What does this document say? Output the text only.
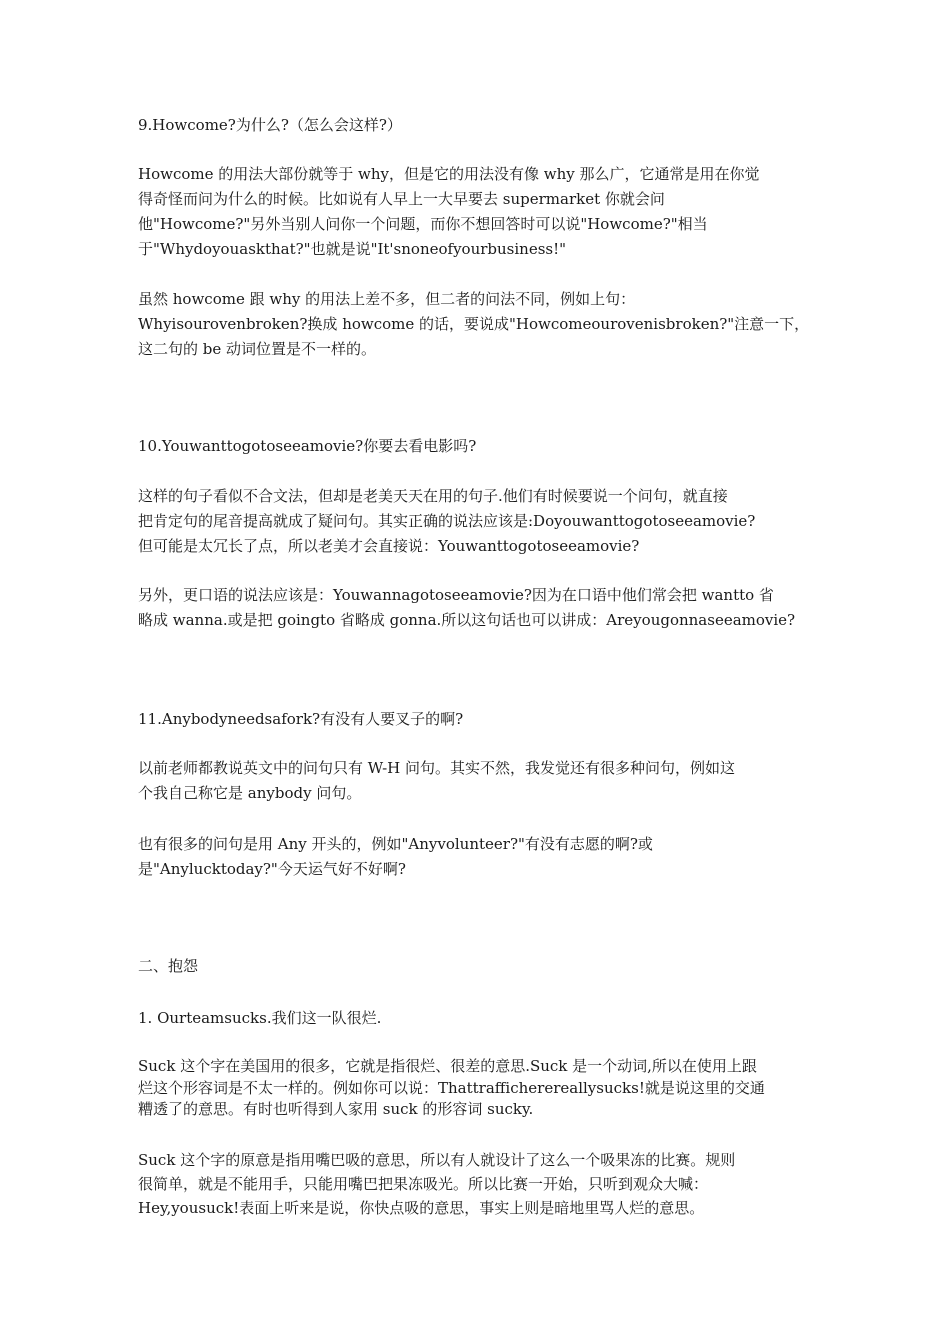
9.Howcome?为什么?（怎么会这样?）
Howcome 的用法大部份就等于 why，但是它的用法没有像 why 那么广，它通常是用在你觉
得奇怪而问为什么的时候。比如说有人早上一大早要去 supermarket 你就会问
他"Howcome?"另外当别人问你一个问题，而你不想回答时可以说"Howcome?"相当
于"Whydoyouaskthat?"也就是说"It'snoneofyourbusiness!"
虽然 howcome 跟 why 的用法上差不多，但二者的问法不同，例如上句：
Whyisourovenbroken?换成 howcome 的话，要说成"Howcomeourovenisbroken?"注意一下，
这二句的 be 动词位置是不一样的。
10.Youwanttogotoseeamovie?你要去看电影吗?
这样的句子看似不合文法，但却是老美天天在用的句子.他们有时候要说一个问句，就直接
把肯定句的尾音提高就成了疑问句。其实正确的说法应该是:Doyouwanttogotoseeamovie?
但可能是太冗长了点，所以老美才会直接说：Youwanttogotoseeamovie?
另外，更口语的说法应该是：Youwannagotoseeamovie?因为在口语中他们常会把 wantto 省
略成 wanna.或是把 goingto 省略成 gonna.所以这句话也可以讲成：Areyougonnaseeamovie?
11.Anybodyneedsafork?有没有人要叉子的啊?
以前老师都教说英文中的问句只有 W-H 问句。其实不然，我发觉还有很多种问句，例如这
个我自己称它是 anybody 问句。
也有很多的问句是用 Any 开头的，例如"Anyvolunteer?"有没有志愿的啊?或
是"Anylucktoday?"今天运气好不好啊?
二、抱怨
1. Ourteamsucks.我们这一队很烂.
Suck 这个字在美国用的很多，它就是指很烂、很差的意思.Suck 是一个动词,所以在使用上跟
烂这个形容词是不太一样的。例如你可以说：Thattrafficherereallysucks!就是说这里的交通
糟透了的意思。有时也听得到人家用 suck 的形容词 sucky.
Suck 这个字的原意是指用嘴巴吸的意思，所以有人就设计了这么一个吸果冻的比赛。规则
很简单，就是不能用手，只能用嘴巴把果冻吸光。所以比赛一开始，只听到观众大喊：
Hey,yousuck!表面上听来是说，你快点吸的意思，事实上则是暗地里骂人烂的意思。
